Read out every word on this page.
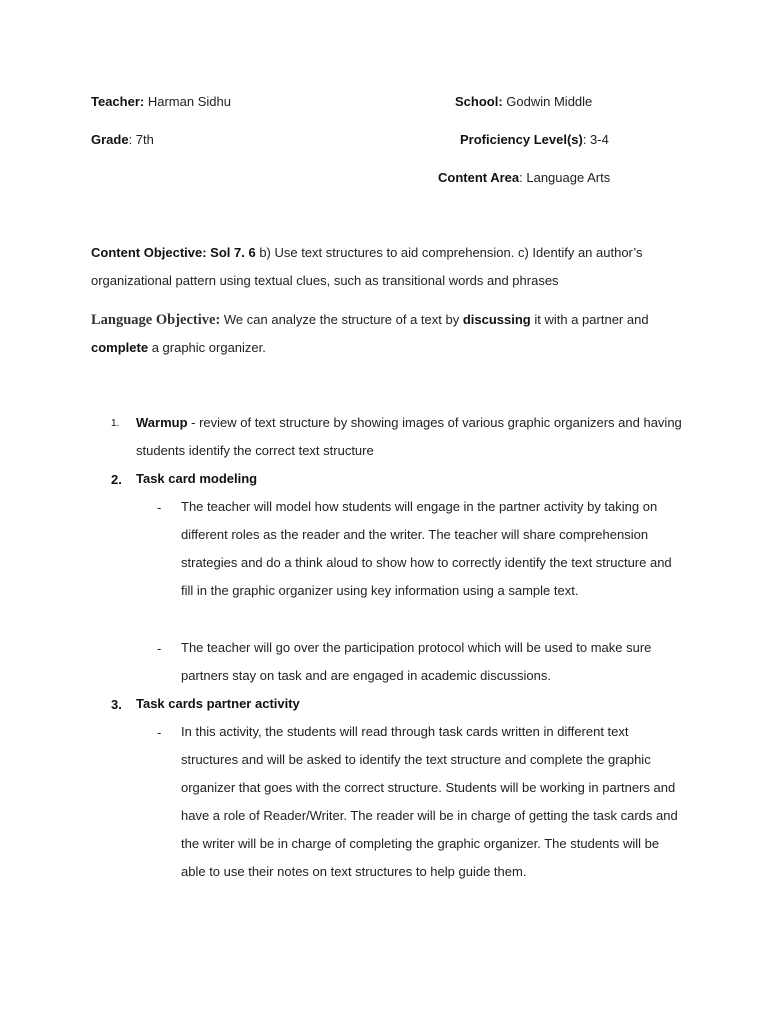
Teacher: Harman Sidhu	School: Godwin Middle
Grade: 7th	Proficiency Level(s): 3-4
Content Area: Language Arts
Content Objective: Sol 7. 6 b) Use text structures to aid comprehension. c) Identify an author’s organizational pattern using textual clues, such as transitional words and phrases
Language Objective: We can analyze the structure of a text by discussing it with a partner and complete a graphic organizer.
1. Warmup - review of text structure by showing images of various graphic organizers and having students identify the correct text structure
2. Task card modeling
- The teacher will model how students will engage in the partner activity by taking on different roles as the reader and the writer. The teacher will share comprehension strategies and do a think aloud to show how to correctly identify the text structure and fill in the graphic organizer using key information using a sample text.
- The teacher will go over the participation protocol which will be used to make sure partners stay on task and are engaged in academic discussions.
3. Task cards partner activity
- In this activity, the students will read through task cards written in different text structures and will be asked to identify the text structure and complete the graphic organizer that goes with the correct structure. Students will be working in partners and have a role of Reader/Writer. The reader will be in charge of getting the task cards and the writer will be in charge of completing the graphic organizer. The students will be able to use their notes on text structures to help guide them.
